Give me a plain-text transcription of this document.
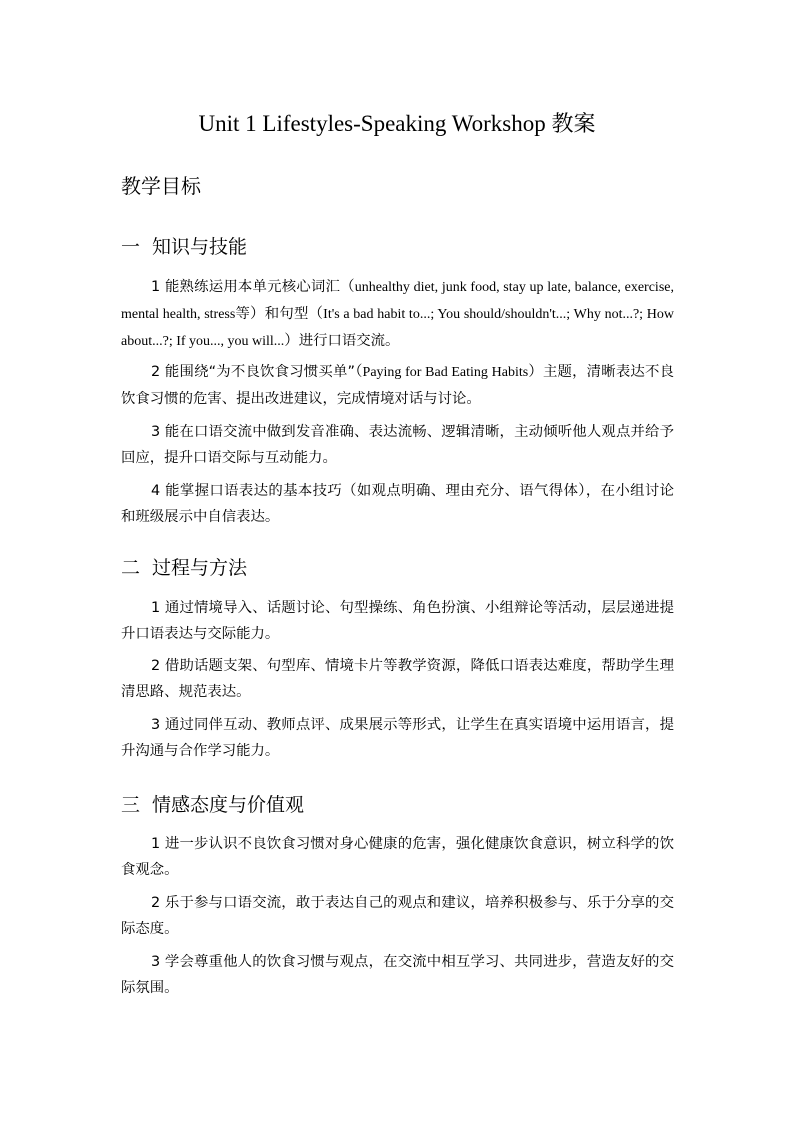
Unit 1 Lifestyles-Speaking Workshop 教案
教学目标
一 知识与技能

1 能熟练运用本单元核心词汇（unhealthy diet, junk food, stay up late, balance, exercise, mental health, stress等）和句型（It's a bad habit to...; You should/shouldn't...; Why not...?; How about...?; If you..., you will...）进行口语交流。

2 能围绕“为不良饮食习惯买单”（Paying for Bad Eating Habits）主题，清晰表达不良饮食习惯的危害、提出改进建议，完成情境对话与讨论。

3 能在口语交流中做到发音准确、表达流畅、逻辑清晰，主动倾听他人观点并给予回应，提升口语交际与互动能力。

4 能掌握口语表达的基本技巧（如观点明确、理由充分、语气得体），在小组讨论和班级展示中自信表达。

二 过程与方法

1 通过情境导入、话题讨论、句型操练、角色扮演、小组辩论等活动，层层递进提升口语表达与交际能力。

2 借助话题支架、句型库、情境卡片等教学资源，降低口语表达难度，帮助学生理清思路、规范表达。

3 通过同伴互动、教师点评、成果展示等形式，让学生在真实语境中运用语言，提升沟通与合作学习能力。

三 情感态度与价值观

1 进一步认识不良饮食习惯对身心健康的危害，强化健康饮食意识，树立科学的饮食观念。

2 乐于参与口语交流，敢于表达自己的观点和建议，培养积极参与、乐于分享的交际态度。

3 学会尊重他人的饮食习惯与观点，在交流中相互学习、共同进步，营造友好的交际氛围。
